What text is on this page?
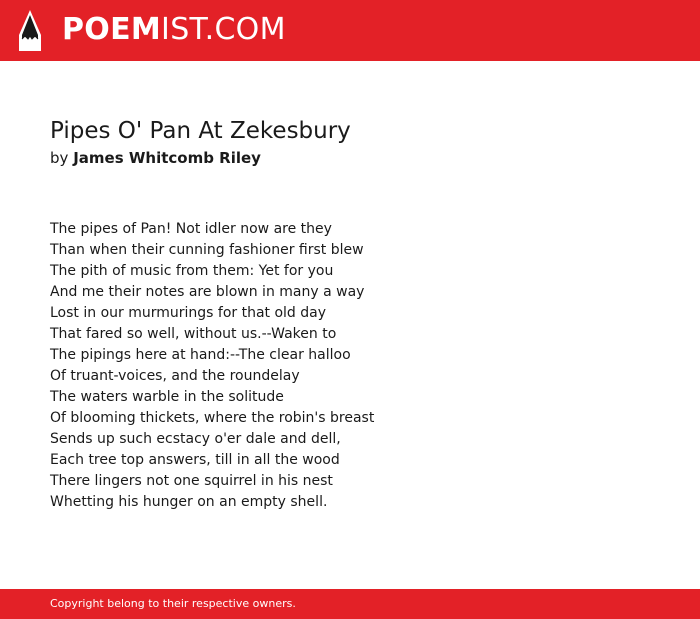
POEMIST.COM
Pipes O' Pan At Zekesbury
by James Whitcomb Riley
The pipes of Pan! Not idler now are they
Than when their cunning fashioner first blew
The pith of music from them: Yet for you
And me their notes are blown in many a way
Lost in our murmurings for that old day
That fared so well, without us.--Waken to
The pipings here at hand:--The clear halloo
Of truant-voices, and the roundelay
The waters warble in the solitude
Of blooming thickets, where the robin's breast
Sends up such ecstacy o'er dale and dell,
Each tree top answers, till in all the wood
There lingers not one squirrel in his nest
Whetting his hunger on an empty shell.
Copyright belong to their respective owners.
